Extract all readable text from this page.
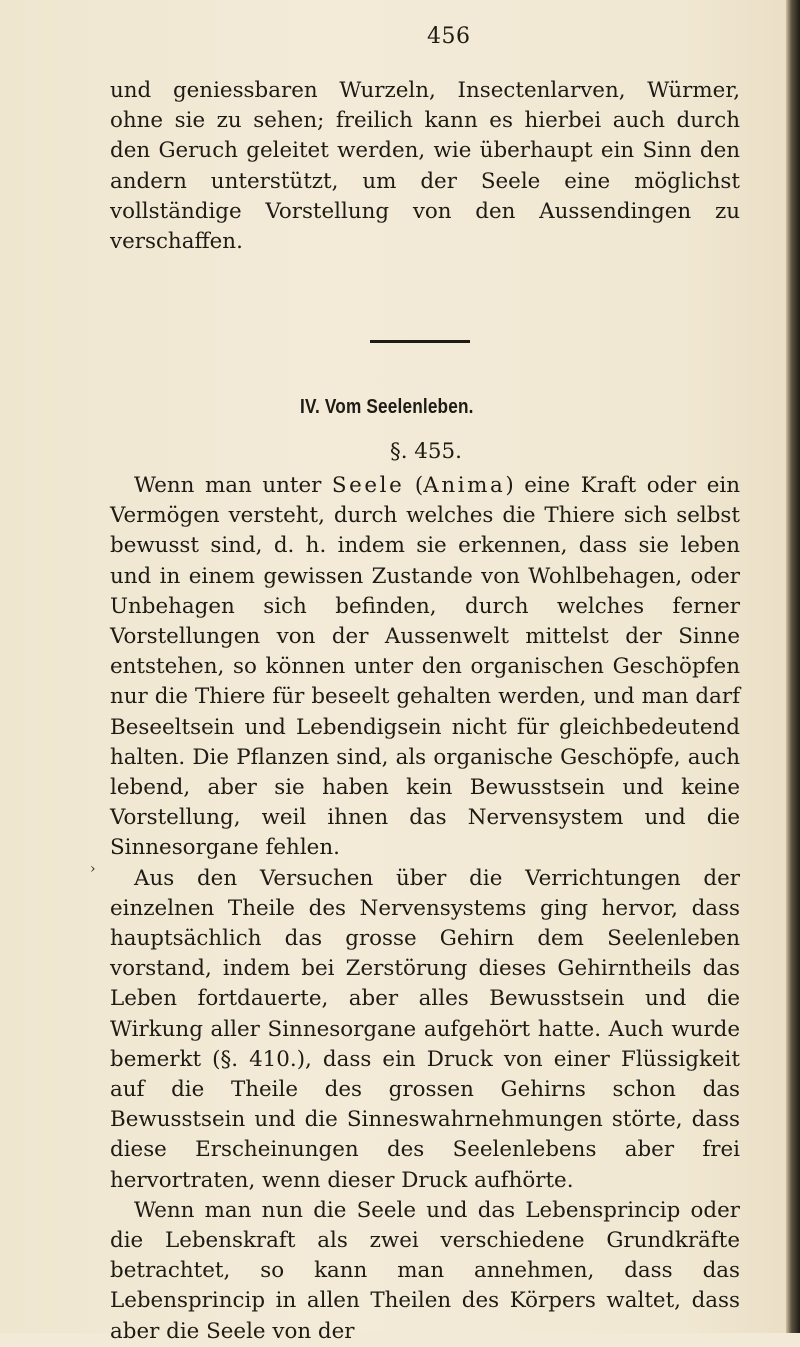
456

und geniessbaren Wurzeln, Insectenlarven, Würmer, ohne sie zu sehen; freilich kann es hierbei auch durch den Geruch geleitet werden, wie überhaupt ein Sinn den andern unterstützt, um der Seele eine möglichst vollständige Vorstellung von den Aussendingen zu verschaffen.

IV. Vom Seelenleben.
§. 455.
›

Wenn man unter Seele (Anima) eine Kraft oder ein Vermögen versteht, durch welches die Thiere sich selbst bewusst sind, d. h. indem sie erkennen, dass sie leben und in einem gewissen Zustande von Wohlbehagen, oder Unbehagen sich befinden, durch welches ferner Vorstellungen von der Aussenwelt mittelst der Sinne entstehen, so können unter den organischen Geschöpfen nur die Thiere für beseelt gehalten werden, und man darf Beseeltsein und Lebendigsein nicht für gleichbedeutend halten. Die Pflanzen sind, als organische Geschöpfe, auch lebend, aber sie haben kein Bewusstsein und keine Vorstellung, weil ihnen das Nervensystem und die Sinnesorgane fehlen.

Aus den Versuchen über die Verrichtungen der einzelnen Theile des Nervensystems ging hervor, dass hauptsächlich das grosse Gehirn dem Seelenleben vorstand, indem bei Zerstörung dieses Gehirntheils das Leben fortdauerte, aber alles Bewusstsein und die Wirkung aller Sinnesorgane aufgehört hatte. Auch wurde bemerkt (§. 410.), dass ein Druck von einer Flüssigkeit auf die Theile des grossen Gehirns schon das Bewusstsein und die Sinneswahrnehmungen störte, dass diese Erscheinungen des Seelenlebens aber frei hervortraten, wenn dieser Druck aufhörte.

Wenn man nun die Seele und das Lebensprincip oder die Lebenskraft als zwei verschiedene Grundkräfte betrachtet, so kann man annehmen, dass das Lebensprincip in allen Theilen des Körpers waltet, dass aber die Seele von der
